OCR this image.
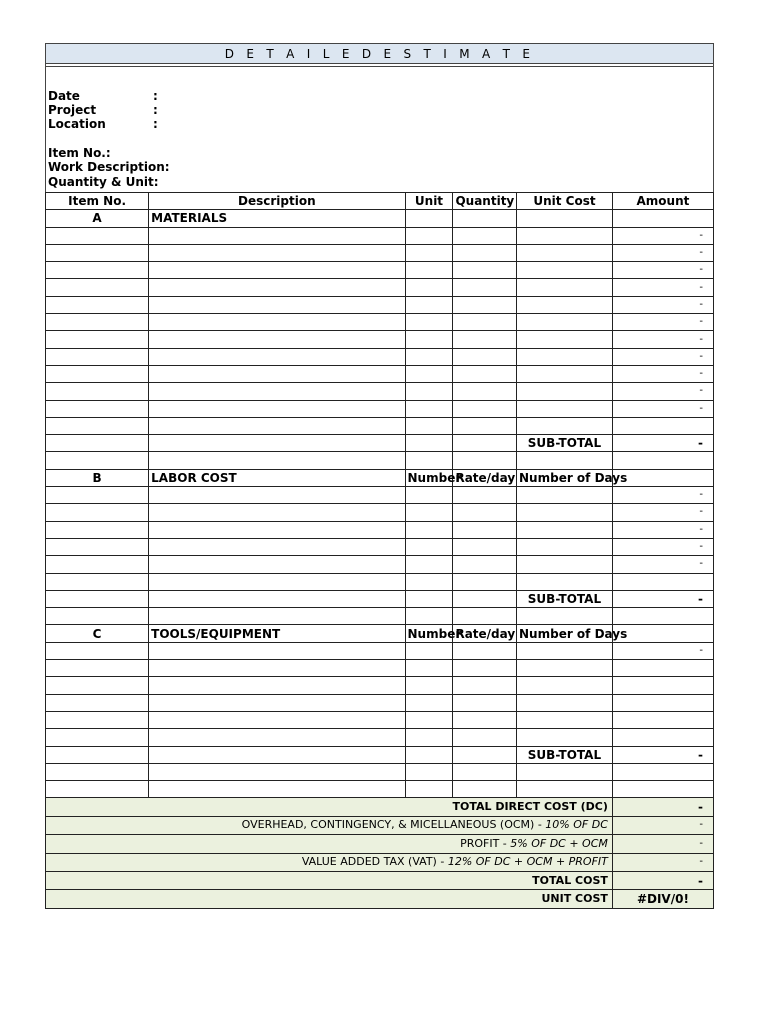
D E T A I L E D E S T I M A T E
Date	:
Project	:
Location	:
Item No.:
Work Description:
Quantity & Unit:
Item No.	Description	Unit	Quantity	Unit Cost	Amount
A	MATERIALS				
					-
					-
					-
					-
					-
					-
					-
					-
					-
					-
					-

				SUB-TOTAL	-

B	LABOR COST	Number	Rate/day	Number of Days	
					-
					-
					-
					-
					-

				SUB-TOTAL	-

C	TOOLS/EQUIPMENT	Number	Rate/day	Number of Days	
					-

				SUB-TOTAL	-

TOTAL DIRECT COST (DC)					-
OVERHEAD, CONTINGENCY, & MICELLANEOUS (OCM) - 10% OF DC					-
PROFIT - 5% OF DC + OCM					-
VALUE ADDED TAX (VAT) - 12% OF DC + OCM + PROFIT					-
TOTAL COST					-
UNIT COST					#DIV/0!
